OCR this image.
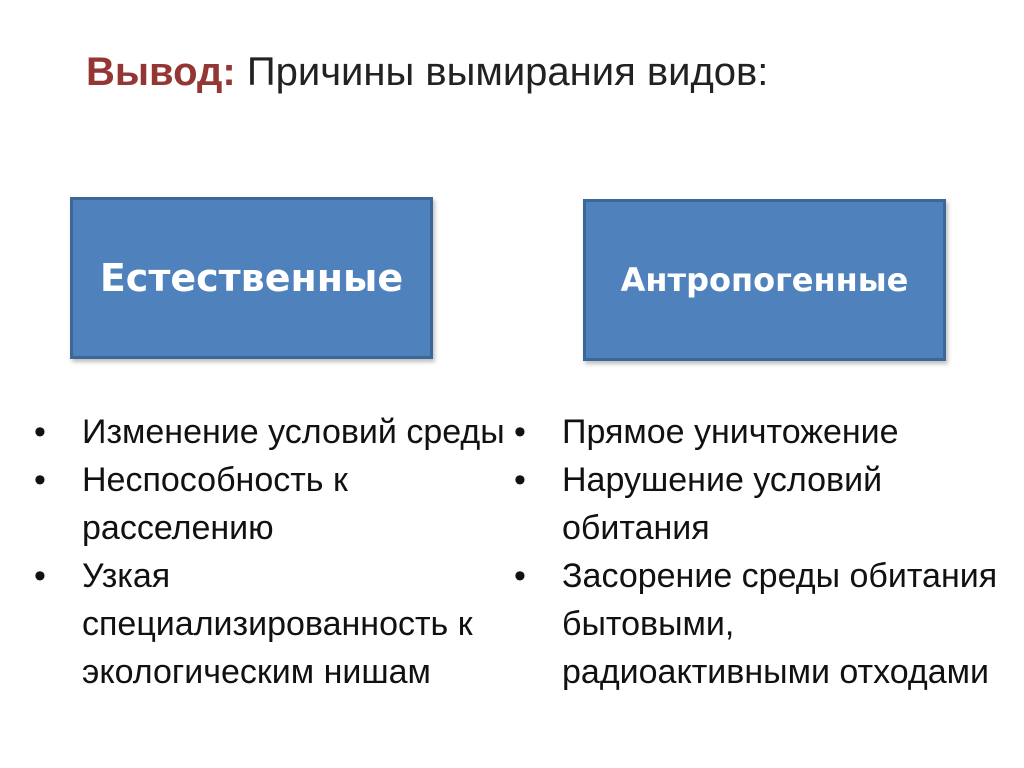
Вывод: Причины вымирания видов:
Естественные	Антропогенные
• Изменение условий среды
• Неспособность к расселению
• Узкая специализированность к экологическим нишам
• Прямое уничтожение
• Нарушение условий обитания
• Засорение среды обитания бытовыми, радиоактивными отходами
